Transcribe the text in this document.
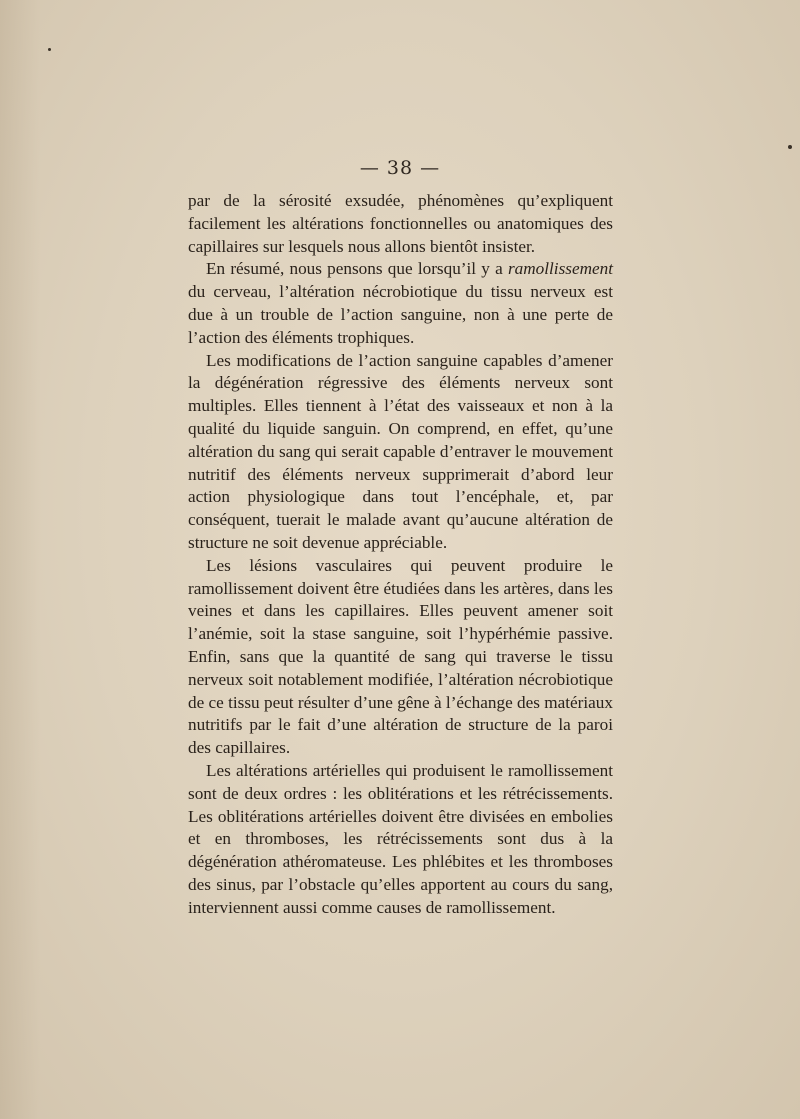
— 38 —

par de la sérosité exsudée, phénomènes qu’expliquent facilement les altérations fonctionnelles ou anatomiques des capillaires sur lesquels nous allons bientôt insister.

En résumé, nous pensons que lorsqu’il y a ramollissement du cerveau, l’altération nécrobiotique du tissu nerveux est due à un trouble de l’action sanguine, non à une perte de l’action des éléments trophiques.

Les modifications de l’action sanguine capables d’amener la dégénération régressive des éléments nerveux sont multiples. Elles tiennent à l’état des vaisseaux et non à la qualité du liquide sanguin. On comprend, en effet, qu’une altération du sang qui serait capable d’entraver le mouvement nutritif des éléments nerveux supprimerait d’abord leur action physiologique dans tout l’encéphale, et, par conséquent, tuerait le malade avant qu’aucune altération de structure ne soit devenue appréciable.

Les lésions vasculaires qui peuvent produire le ramollissement doivent être étudiées dans les artères, dans les veines et dans les capillaires. Elles peuvent amener soit l’anémie, soit la stase sanguine, soit l’hypérhémie passive. Enfin, sans que la quantité de sang qui traverse le tissu nerveux soit notablement modifiée, l’altération nécrobiotique de ce tissu peut résulter d’une gêne à l’échange des matériaux nutritifs par le fait d’une altération de structure de la paroi des capillaires.

Les altérations artérielles qui produisent le ramollissement sont de deux ordres : les oblitérations et les rétrécissements. Les oblitérations artérielles doivent être divisées en embolies et en thromboses, les rétrécissements sont dus à la dégénération athéromateuse. Les phlébites et les thromboses des sinus, par l’obstacle qu’elles apportent au cours du sang, interviennent aussi comme causes de ramollissement.
